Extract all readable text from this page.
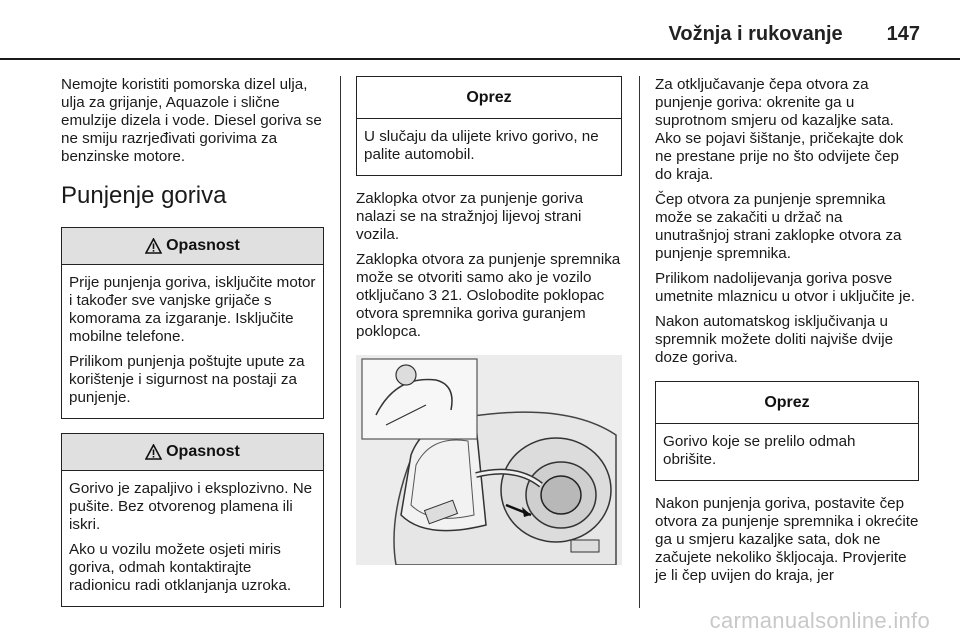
Vožnja i rukovanje 147

Nemojte koristiti pomorska dizel ulja, ulja za grijanje, Aquazole i slične emulzije dizela i vode. Diesel goriva se ne smiju razrjeđivati gorivima za benzinske motore.

Punjenje goriva
Opasnost

Prije punjenja goriva, isključite motor i također sve vanjske grijače s komorama za izgaranje. Isključite mobilne telefone.

Prilikom punjenja poštujte upute za korištenje i sigurnost na postaji za punjenje.

Opasnost

Gorivo je zapaljivo i eksplozivno. Ne pušite. Bez otvorenog plamena ili iskri.

Ako u vozilu možete osjeti miris goriva, odmah kontaktirajte radionicu radi otklanjanja uzroka.

Oprez

U slučaju da ulijete krivo gorivo, ne palite automobil.

Zaklopka otvor za punjenje goriva nalazi se na stražnjoj lijevoj strani vozila.

Zaklopka otvora za punjenje spremnika može se otvoriti samo ako je vozilo otključano 3 21. Oslobodite poklopac otvora spremnika goriva guranjem poklopca.

Za otključavanje čepa otvora za punjenje goriva: okrenite ga u suprotnom smjeru od kazaljke sata. Ako se pojavi šištanje, pričekajte dok ne prestane prije no što odvijete čep do kraja.

Čep otvora za punjenje spremnika može se zakačiti u držač na unutrašnjoj strani zaklopke otvora za punjenje spremnika.

Prilikom nadolijevanja goriva posve umetnite mlaznicu u otvor i uključite je.

Nakon automatskog isključivanja u spremnik možete doliti najviše dvije doze goriva.

Oprez

Gorivo koje se prelilo odmah obrišite.

Nakon punjenja goriva, postavite čep otvora za punjenje spremnika i okrećite ga u smjeru kazaljke sata, dok ne začujete nekoliko škljocaja. Provjerite je li čep uvijen do kraja, jer

carmanualsonline.info
